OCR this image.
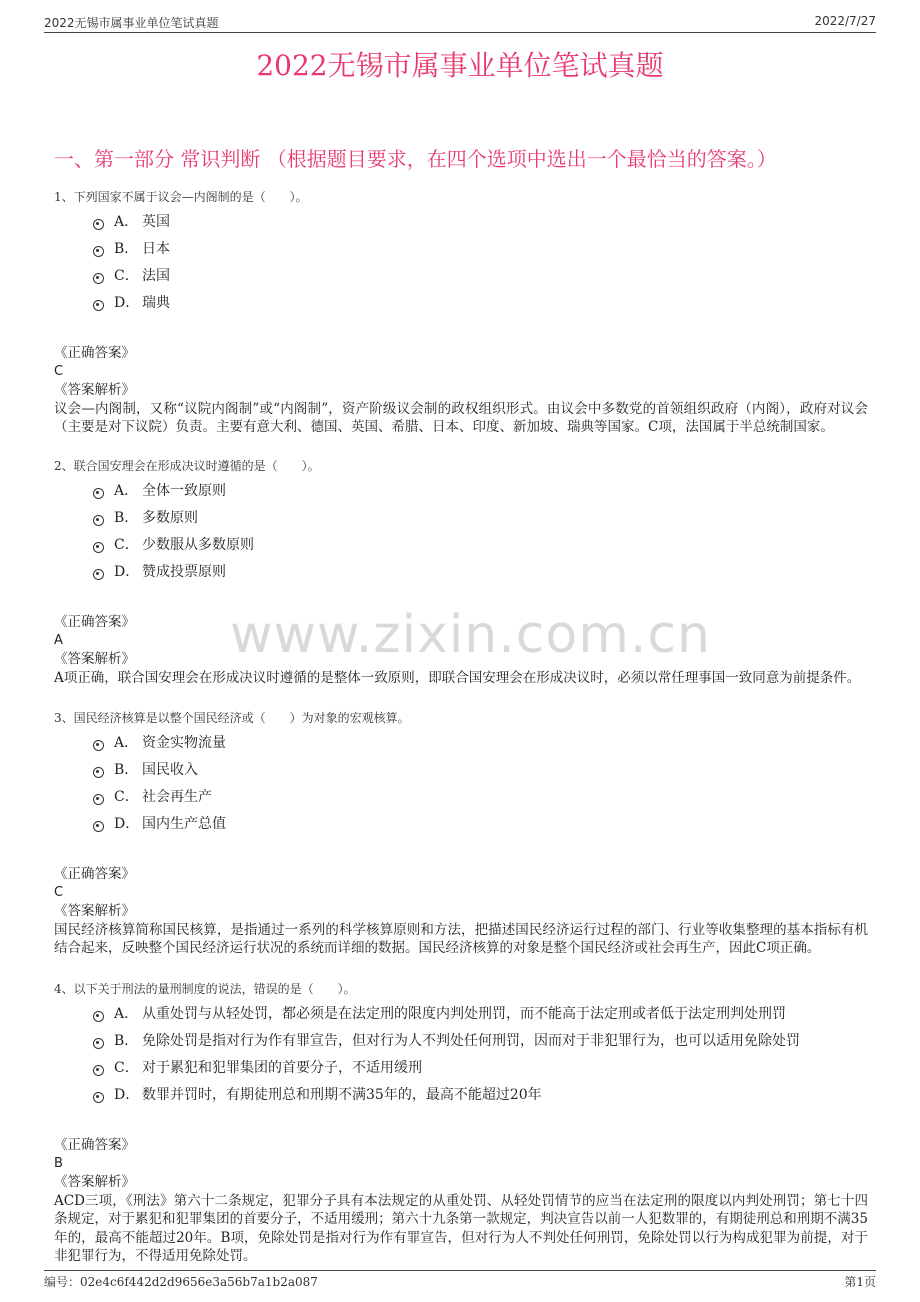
2022无锡市属事业单位笔试真题	2022/7/27
2022无锡市属事业单位笔试真题
一、第一部分 常识判断 （根据题目要求，在四个选项中选出一个最恰当的答案。）
www.zixin.com.cn
1、下列国家不属于议会—内阁制的是（　　）。
A． 英国
B． 日本
C． 法国
D． 瑞典
《正确答案》
C
《答案解析》
议会—内阁制，又称“议院内阁制”或“内阁制”，资产阶级议会制的政权组织形式。由议会中多数党的首领组织政府（内阁），政府对议会（主要是对下议院）负责。主要有意大利、德国、英国、希腊、日本、印度、新加坡、瑞典等国家。C项，法国属于半总统制国家。
2、联合国安理会在形成决议时遵循的是（　　）。
A． 全体一致原则
B． 多数原则
C． 少数服从多数原则
D． 赞成投票原则
《正确答案》
A
《答案解析》
A项正确，联合国安理会在形成决议时遵循的是整体一致原则，即联合国安理会在形成决议时，必须以常任理事国一致同意为前提条件。
3、国民经济核算是以整个国民经济或（　　）为对象的宏观核算。
A． 资金实物流量
B． 国民收入
C． 社会再生产
D． 国内生产总值
《正确答案》
C
《答案解析》
国民经济核算简称国民核算，是指通过一系列的科学核算原则和方法，把描述国民经济运行过程的部门、行业等收集整理的基本指标有机结合起来，反映整个国民经济运行状况的系统而详细的数据。国民经济核算的对象是整个国民经济或社会再生产，因此C项正确。
4、以下关于刑法的量刑制度的说法，错误的是（　　）。
A． 从重处罚与从轻处罚，都必须是在法定刑的限度内判处刑罚，而不能高于法定刑或者低于法定刑判处刑罚
B． 免除处罚是指对行为作有罪宣告，但对行为人不判处任何刑罚，因而对于非犯罪行为，也可以适用免除处罚
C． 对于累犯和犯罪集团的首要分子，不适用缓刑
D． 数罪并罚时，有期徒刑总和刑期不满35年的，最高不能超过20年
《正确答案》
B
《答案解析》
ACD三项，《刑法》第六十二条规定，犯罪分子具有本法规定的从重处罚、从轻处罚情节的应当在法定刑的限度以内判处刑罚；第七十四条规定，对于累犯和犯罪集团的首要分子，不适用缓刑；第六十九条第一款规定，判决宣告以前一人犯数罪的，有期徒刑总和刑期不满35年的，最高不能超过20年。B项，免除处罚是指对行为作有罪宣告，但对行为人不判处任何刑罚，免除处罚以行为构成犯罪为前提，对于非犯罪行为，不得适用免除处罚。
编号：02e4c6f442d2d9656e3a56b7a1b2a087	第1页
